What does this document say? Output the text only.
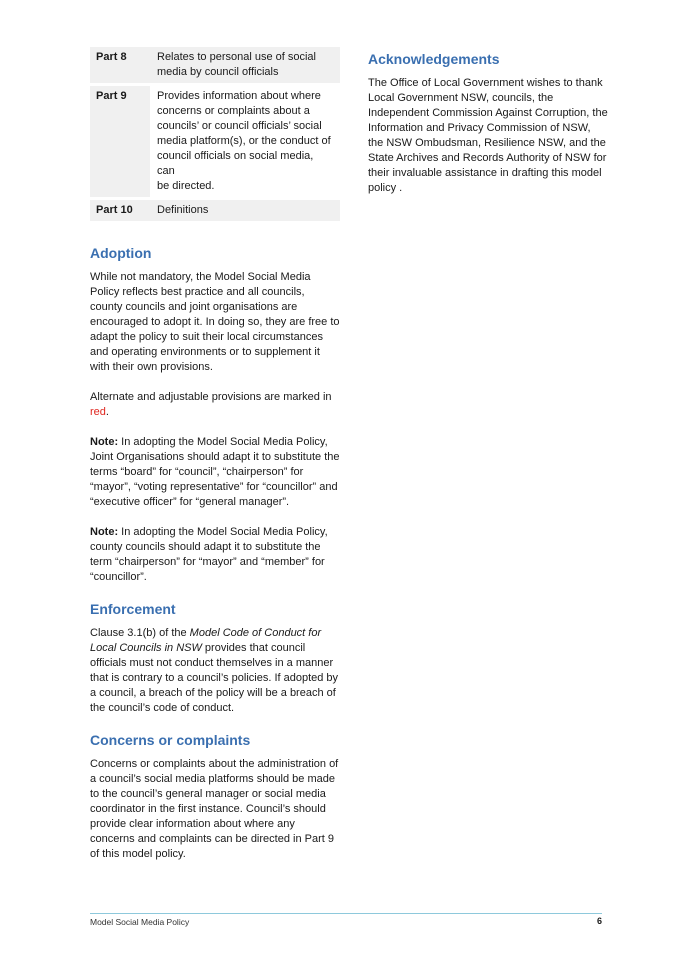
Part 8	Relates to personal use of social media by council officials
Part 9	Provides information about where concerns or complaints about a councils’ or council officials’ social media platform(s), or the conduct of council officials on social media, can
be directed.
Part 10	Definitions
Adoption

While not mandatory, the Model Social Media Policy reflects best practice and all councils, county councils and joint organisations are encouraged to adopt it. In doing so, they are free to adapt the policy to suit their local circumstances and operating environments or to supplement it with their own provisions.

Alternate and adjustable provisions are marked in red.

Note: In adopting the Model Social Media Policy, Joint Organisations should adapt it to substitute the terms “board” for “council”, “chairperson” for “mayor”, “voting representative” for “councillor” and “executive officer” for “general manager”.

Note: In adopting the Model Social Media Policy, county councils should adapt it to substitute the term “chairperson” for “mayor” and “member” for “councillor”.

Enforcement

Clause 3.1(b) of the Model Code of Conduct for Local Councils in NSW provides that council officials must not conduct themselves in a manner that is contrary to a council’s policies. If adopted by a council, a breach of the policy will be a breach of the council’s code of conduct.

Concerns or complaints

Concerns or complaints about the administration of a council’s social media platforms should be made to the council’s general manager or social media coordinator in the first instance. Council’s should provide clear information about where any concerns and complaints can be directed in Part 9 of this model policy.

Acknowledgements

The Office of Local Government wishes to thank Local Government NSW, councils, the Independent Commission Against Corruption, the Information and Privacy Commission of NSW, the NSW Ombudsman, Resilience NSW, and the State Archives and Records Authority of NSW for their invaluable assistance in drafting this model policy .

Model Social Media Policy	6
